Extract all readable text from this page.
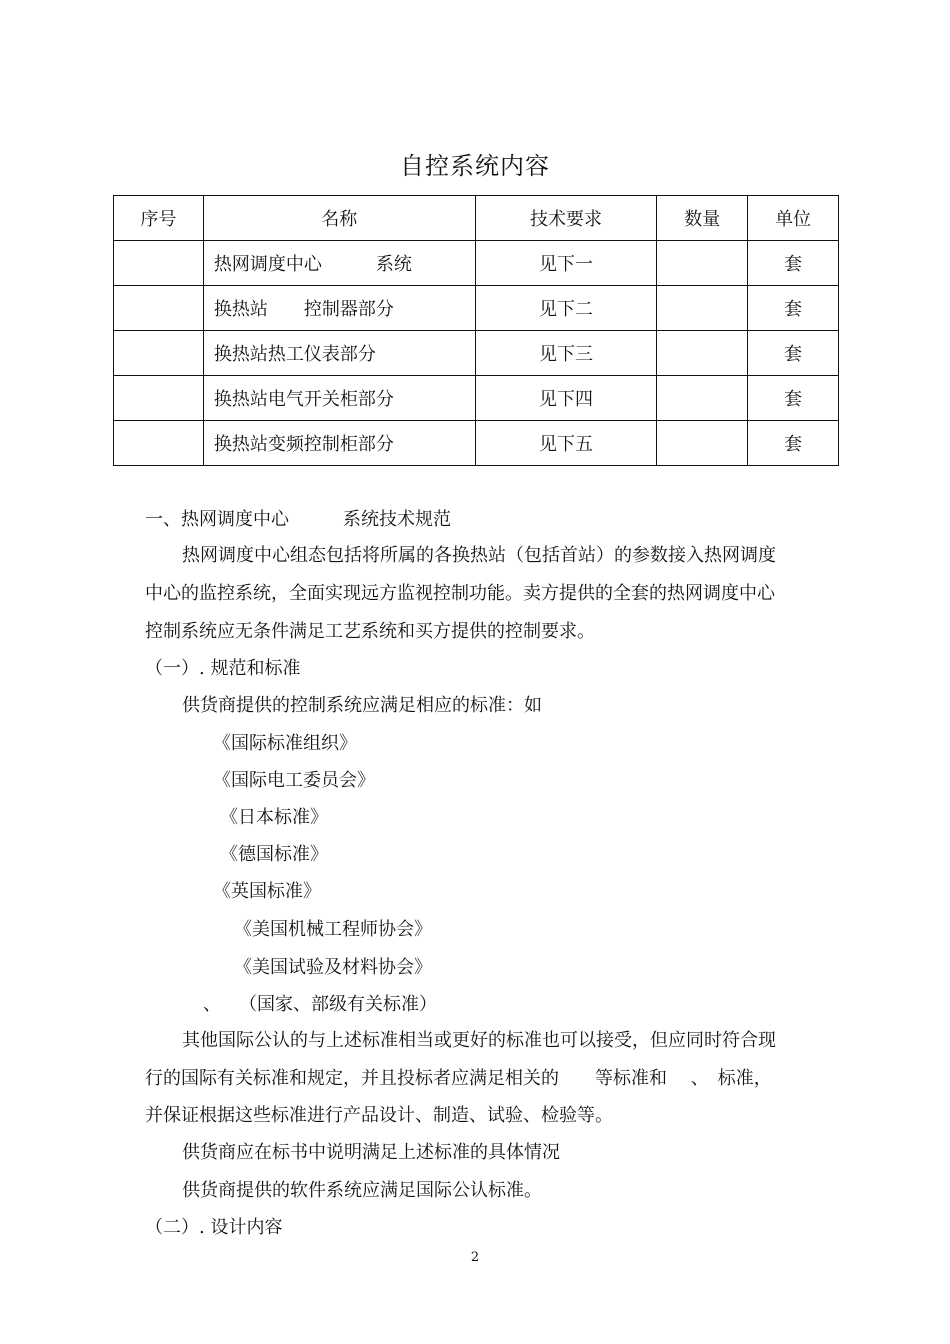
自控系统内容
序号	名称	技术要求	数量	单位
	热网调度中心　　　系统	见下一		套
	换热站　　控制器部分	见下二		套
	换热站热工仪表部分	见下三		套
	换热站电气开关柜部分	见下四		套
	换热站变频控制柜部分	见下五		套
一、热网调度中心　　　系统技术规范
热网调度中心组态包括将所属的各换热站（包括首站）的参数接入热网调度
中心的监控系统，全面实现远方监视控制功能。卖方提供的全套的热网调度中心
控制系统应无条件满足工艺系统和买方提供的控制要求。
（一）. 规范和标准
供货商提供的控制系统应满足相应的标准：如
《国际标准组织》
《国际电工委员会》
《日本标准》
《德国标准》
《英国标准》
《美国机械工程师协会》
《美国试验及材料协会》
、　　（国家、部级有关标准）
其他国际公认的与上述标准相当或更好的标准也可以接受，但应同时符合现
行的国际有关标准和规定，并且投标者应满足相关的　　等标准和　 、　标准，
并保证根据这些标准进行产品设计、制造、试验、检验等。
供货商应在标书中说明满足上述标准的具体情况
供货商提供的软件系统应满足国际公认标准。
（二）. 设计内容
2
